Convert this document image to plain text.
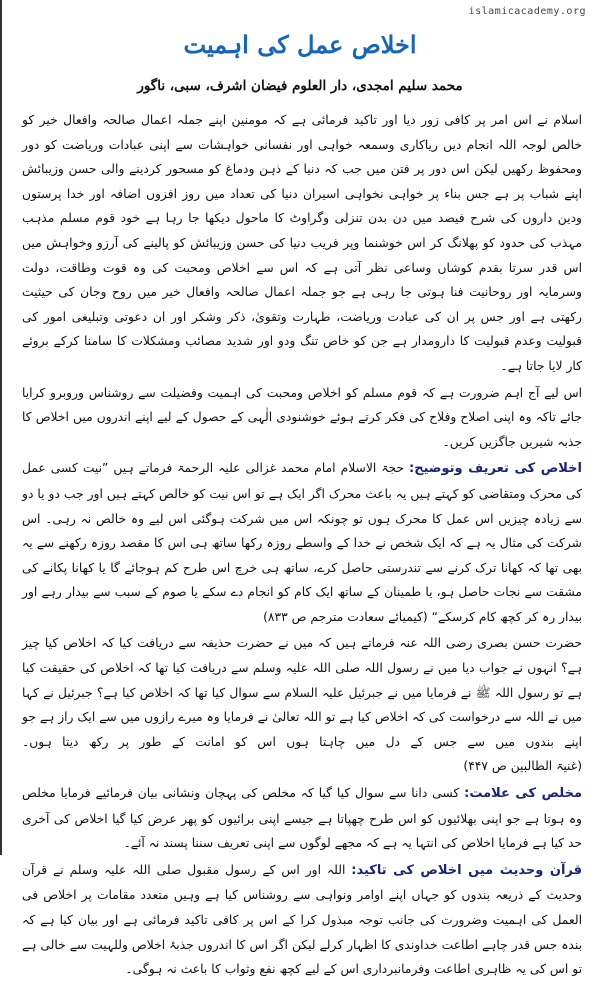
islamicacademy.org
اخلاص عمل کی اہمیت
محمد سلیم امجدی، دار العلوم فیضان اشرف، سبی، ناگور

اسلام نے اس امر پر کافی زور دیا اور تاکید فرمائی ہے کہ مومنین اپنے جملہ اعمال صالحہ وافعال خیر کو خالص لوجہ اللہ انجام دیں ریاکاری وسمعہ خواہی اور نفسانی خواہشات سے اپنی عبادات وریاضت کو دور ومحفوظ رکھیں لیکن اس دور پر فتن میں جب کہ دنیا کے ذہن ودماغ کو مسحور کردینے والی حسن وزیبائش اپنے شباب پر ہے جس بناء پر خواہی نخواہی اسیران دنیا کی تعداد میں روز افزوں اضافہ اور خدا پرستوں ودین داروں کی شرح فیصد میں دن بدن تنزلی وگراوٹ کا ماحول دیکھا جا رہا ہے خود قوم مسلم مذہب مہذب کی حدود کو پھلانگ کر اس خوشنما وپر فریب دنیا کی حسن وزیبائش کو پالینے کی آرزو وخواہش میں اس قدر سرتا بقدم کوشاں وساعی نظر آتی ہے کہ اس سے اخلاص ومحبت کی وہ قوت وطاقت، دولت وسرمایہ اور روحانیت فنا ہوتی جا رہی ہے جو جملہ اعمال صالحہ وافعال خیر میں روح وجان کی حیثیت رکھتی ہے اور جس پر ان کی عبادت وریاضت، طہارت وتقویٰ، ذکر وشکر اور ان دعوتی وتبلیغی امور کی قبولیت وعدم قبولیت کا دارومدار ہے جن کو خاص تنگ ودو اور شدید مصائب ومشکلات کا سامنا کرکے بروئے کار لایا جاتا ہے۔

اس لیے آج اہم ضرورت ہے کہ قوم مسلم کو اخلاص ومحبت کی اہمیت وفضیلت سے روشناس وروبرو کرایا جائے تاکہ وہ اپنی اصلاح وفلاح کی فکر کرتے ہوئے خوشنودی الٰہی کے حصول کے لیے اپنے اندروں میں اخلاص کا جذبہ شیریں جاگزیں کریں۔

اخلاص کی تعریف وتوضیح: حجۃ الاسلام امام محمد غزالی علیہ الرحمۃ فرماتے ہیں ”نیت کسی عمل کی محرک ومتقاضی کو کہتے ہیں یہ باعث محرک اگر ایک ہے تو اس نیت کو خالص کہتے ہیں اور جب دو یا دو سے زیادہ چیزیں اس عمل کا محرک ہوں تو چونکہ اس میں شرکت ہوگئی اس لیے وہ خالص نہ رہی۔ اس شرکت کی مثال یہ ہے کہ ایک شخص نے خدا کے واسطے روزہ رکھا ساتھ ہی اس کا مقصد روزہ رکھنے سے یہ بھی تھا کہ کھانا ترک کرنے سے تندرستی حاصل کرے، ساتھ ہی خرچ اس طرح کم ہوجائے گا یا کھانا پکانے کی مشقت سے نجات حاصل ہو، یا طمینان کے ساتھ ایک کام کو انجام دے سکے یا صوم کے سبب سے بیدار رہے اور بیدار رہ کر کچھ کام کرسکے“ (کیمیائے سعادت مترجم ص ۸۳۳)

حضرت حسن بصری رضی اللہ عنہ فرماتے ہیں کہ میں نے حضرت حذیفہ سے دریافت کیا کہ اخلاص کیا چیز ہے؟ انہوں نے جواب دیا میں نے رسول اللہ صلی اللہ علیہ وسلم سے دریافت کیا تھا کہ اخلاص کی حقیقت کیا ہے تو رسول اللہ ﷺ نے فرمایا میں نے جبرئیل علیہ السلام سے سوال کیا تھا کہ اخلاص کیا ہے؟ جبرئیل نے کہا میں نے اللہ سے درخواست کی کہ اخلاص کیا ہے تو اللہ تعالیٰ نے فرمایا وہ میرے رازوں میں سے ایک راز ہے جو اپنے بندوں میں سے جس کے دل میں چاہتا ہوں اس کو امانت کے طور پر رکھ دیتا ہوں۔ (غنیۃ الطالبین ص ۴۴۷)

مخلص کی علامت: کسی دانا سے سوال کیا گیا کہ مخلص کی پہچان ونشانی بیان فرمائیے فرمایا مخلص وہ ہوتا ہے جو اپنی بھلائیوں کو اس طرح چھپاتا ہے جیسے اپنی برائیوں کو پھر عرض کیا گیا اخلاص کی آخری حد کیا ہے فرمایا اخلاص کی انتہا یہ ہے کہ مجھے لوگوں سے اپنی تعریف سننا پسند نہ آئے۔

قرآن وحدیث میں اخلاص کی تاکید: اللہ اور اس کے رسول مقبول صلی اللہ علیہ وسلم نے قرآن وحدیث کے ذریعہ بندوں کو جہاں اپنے اوامر ونواہی سے روشناس کیا ہے وہیں متعدد مقامات پر اخلاص فی العمل کی اہمیت وضرورت کی جانب توجہ مبذول کرا کے اس پر کافی تاکید فرمائی ہے اور بیان کیا ہے کہ بندہ جس قدر چاہے اطاعت خداوندی کا اظہار کرلے لیکن اگر اس کا اندروں جذبۂ اخلاص وللہیت سے خالی ہے تو اس کی یہ ظاہری اطاعت وفرمانبرداری اس کے لیے کچھ نفع وثواب کا باعث نہ ہوگی۔
